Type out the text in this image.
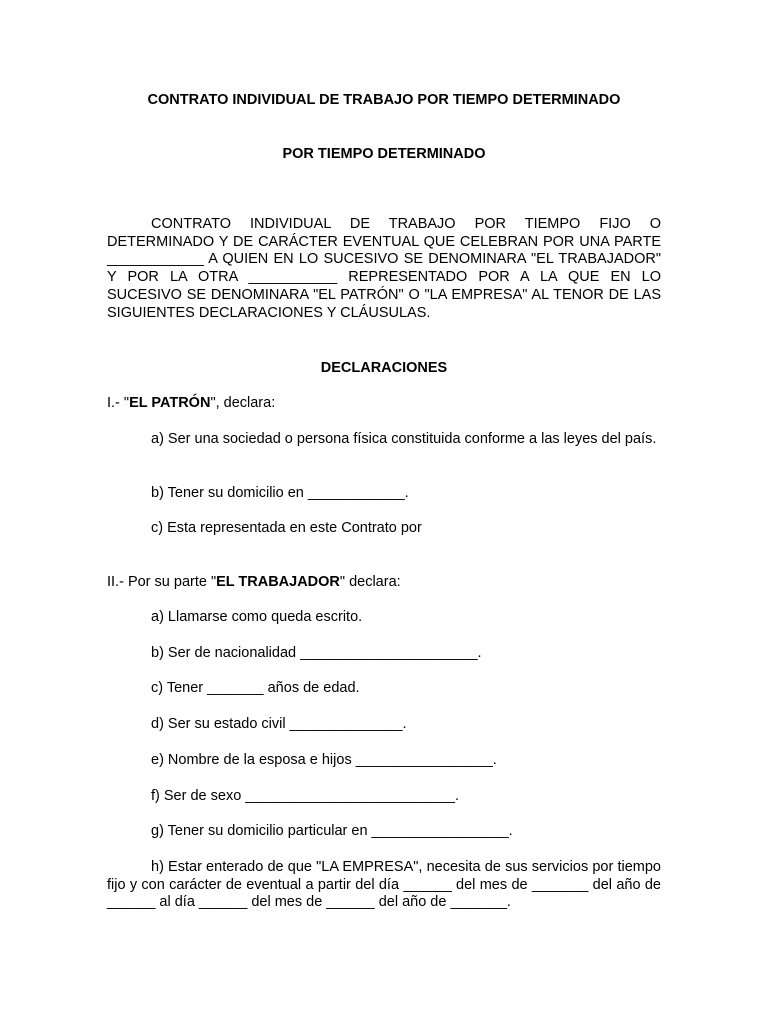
CONTRATO INDIVIDUAL DE TRABAJO POR TIEMPO DETERMINADO
POR TIEMPO DETERMINADO
CONTRATO INDIVIDUAL DE TRABAJO POR TIEMPO FIJO O DETERMINADO Y DE CARÁCTER EVENTUAL QUE CELEBRAN POR UNA PARTE ____________ A QUIEN EN LO SUCESIVO SE DENOMINARA "EL TRABAJADOR" Y POR LA OTRA ___________ REPRESENTADO POR A LA QUE EN LO SUCESIVO SE DENOMINARA "EL PATRÓN" O "LA EMPRESA" AL TENOR DE LAS SIGUIENTES DECLARACIONES Y CLÁUSULAS.
DECLARACIONES
I.- "EL PATRÓN", declara:
a) Ser una sociedad o persona física constituida conforme a las leyes del país.
b) Tener su domicilio en ____________.
c) Esta representada en este Contrato por
II.- Por su parte "EL TRABAJADOR" declara:
a) Llamarse como queda escrito.
b) Ser de nacionalidad ______________________.
c) Tener _______ años de edad.
d) Ser su estado civil ______________.
e) Nombre de la esposa e hijos _________________.
f) Ser de sexo __________________________.
g) Tener su domicilio particular en _________________.
h) Estar enterado de que "LA EMPRESA", necesita de sus servicios por tiempo fijo y con carácter de eventual a partir del día ______ del mes de _______ del año de ______ al día ______ del mes de ______ del año de _______.
